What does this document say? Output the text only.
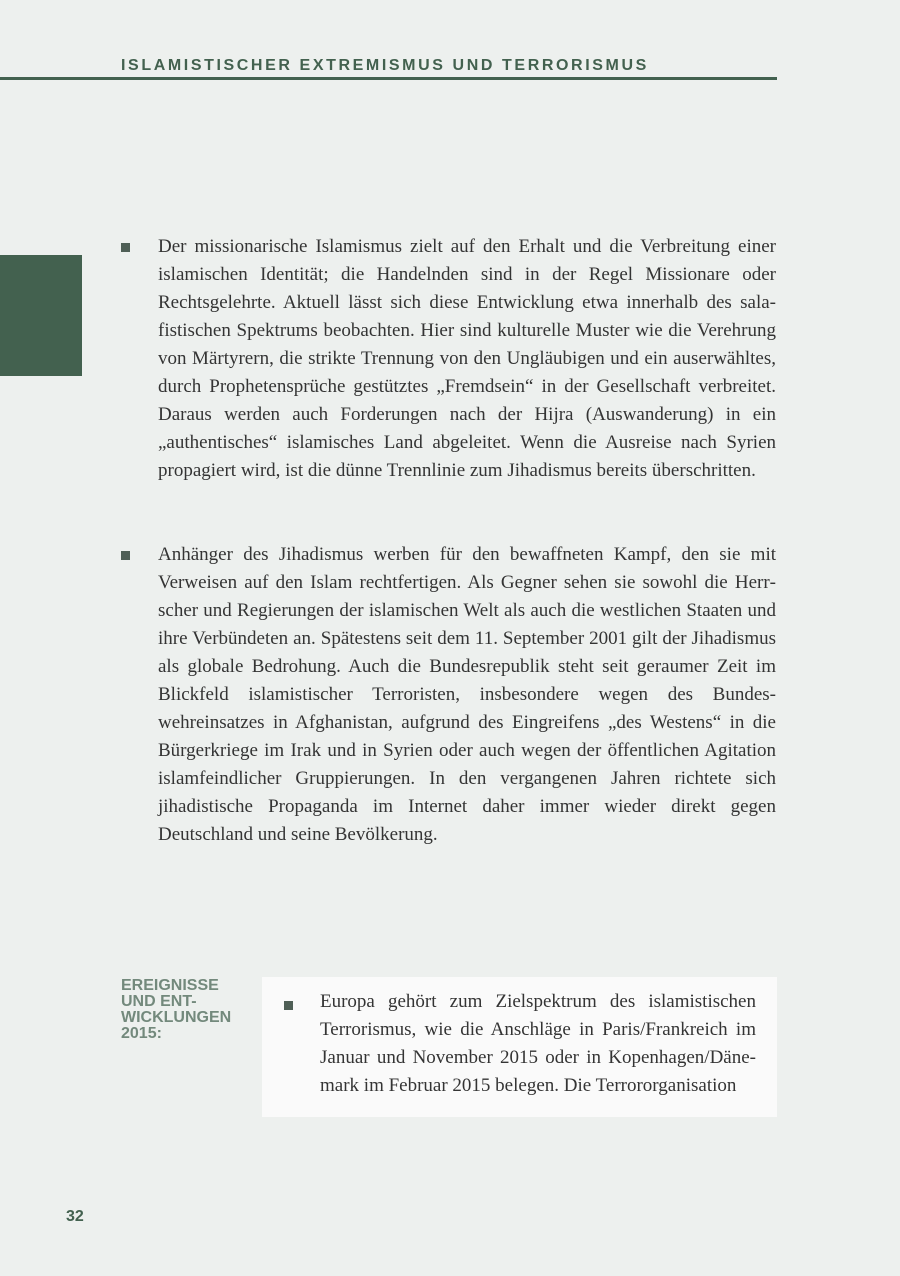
ISLAMISTISCHER EXTREMISMUS UND TERRORISMUS

Der missionarische Islamismus zielt auf den Erhalt und die Verbreitung einer islamischen Identität; die Handelnden sind in der Regel Missionare oder Rechtsgelehrte. Aktuell lässt sich diese Entwicklung etwa innerhalb des salafistischen Spektrums beobachten. Hier sind kulturelle Muster wie die Verehrung von Märtyrern, die strikte Trennung von den Ungläubigen und ein auserwähltes, durch Prophetensprüche gestütztes „Fremdsein“ in der Gesellschaft verbreitet. Daraus werden auch Forderungen nach der Hijra (Auswanderung) in ein „authentisches“ islamisches Land abgeleitet. Wenn die Ausreise nach Syrien propagiert wird, ist die dünne Trennlinie zum Jihadismus bereits überschritten.

Anhänger des Jihadismus werben für den bewaffneten Kampf, den sie mit Verweisen auf den Islam rechtfertigen. Als Gegner sehen sie sowohl die Herrscher und Regierungen der islamischen Welt als auch die westlichen Staaten und ihre Verbündeten an. Spätestens seit dem 11. September 2001 gilt der Jihadismus als globale Bedrohung. Auch die Bundesrepublik steht seit geraumer Zeit im Blickfeld islamistischer Terroristen, insbesondere wegen des Bundeswehreinsatzes in Afghanistan, aufgrund des Eingreifens „des Westens“ in die Bürgerkriege im Irak und in Syrien oder auch wegen der öffentlichen Agitation islamfeindlicher Gruppierungen. In den vergangenen Jahren richtete sich jihadistische Propaganda im Internet daher immer wieder direkt gegen Deutschland und seine Bevölkerung.

EREIGNISSE
UND ENT-
WICKLUNGEN
2015:

Europa gehört zum Zielspektrum des islamistischen Terrorismus, wie die Anschläge in Paris/Frankreich im Januar und November 2015 oder in Kopenhagen/Dänemark im Februar 2015 belegen. Die Terrororganisation

32
